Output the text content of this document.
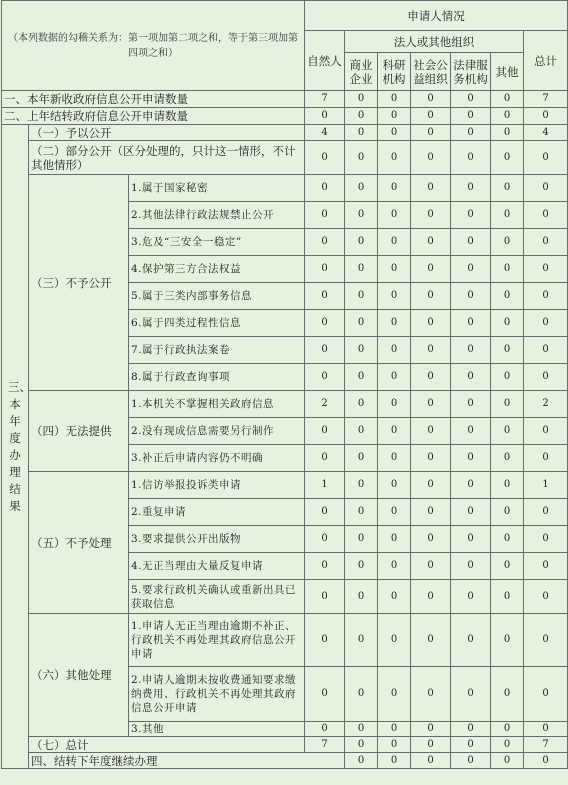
（本列数据的勾稽关系为：第一项加第二项之和，等于第三项加第四项之和）			申请人情况							
			自然人	法人或其他组织					总计	
				商业企业	科研机构	社会公益组织	法律服务机构	其他		
一、本年新收政府信息公开申请数量			7	0	0	0	0	0	7	
二、上年结转政府信息公开申请数量			0	0	0	0	0	0	0	

三、本年度办理结果	（一）予以公开		4	0	0	0	0	0	4	
	（二）部分公开（区分处理的，只计这一情形，不计其他情形）		0	0	0	0	0	0	0	
	（三）不予公开	1.属于国家秘密	0	0	0	0	0	0	0	
		2.其他法律行政法规禁止公开	0	0	0	0	0	0	0	
		3.危及“三安全一稳定”	0	0	0	0	0	0	0	
		4.保护第三方合法权益	0	0	0	0	0	0	0	
		5.属于三类内部事务信息	0	0	0	0	0	0	0	
		6.属于四类过程性信息	0	0	0	0	0	0	0	
		7.属于行政执法案卷	0	0	0	0	0	0	0	
		8.属于行政查询事项	0	0	0	0	0	0	0	
	（四）无法提供	1.本机关不掌握相关政府信息	2	0	0	0	0	0	2	
		2.没有现成信息需要另行制作	0	0	0	0	0	0	0	
		3.补正后申请内容仍不明确	0	0	0	0	0	0	0	
	（五）不予处理	1.信访举报投诉类申请	1	0	0	0	0	0	1	
		2.重复申请	0	0	0	0	0	0	0	
		3.要求提供公开出版物	0	0	0	0	0	0	0	
		4.无正当理由大量反复申请	0	0	0	0	0	0	0	
		5.要求行政机关确认或重新出具已获取信息	0	0	0	0	0	0	0	
	（六）其他处理	1.申请人无正当理由逾期不补正、行政机关不再处理其政府信息公开申请	0	0	0	0	0	0	0	
		2.申请人逾期未按收费通知要求缴纳费用、行政机关不再处理其政府信息公开申请	0	0	0	0	0	0	0	
		3.其他	0	0	0	0	0	0	0	
	（七）总计		7	0	0	0	0	0	7	
	四、结转下年度继续办理			0	0	0	0	0	0	
